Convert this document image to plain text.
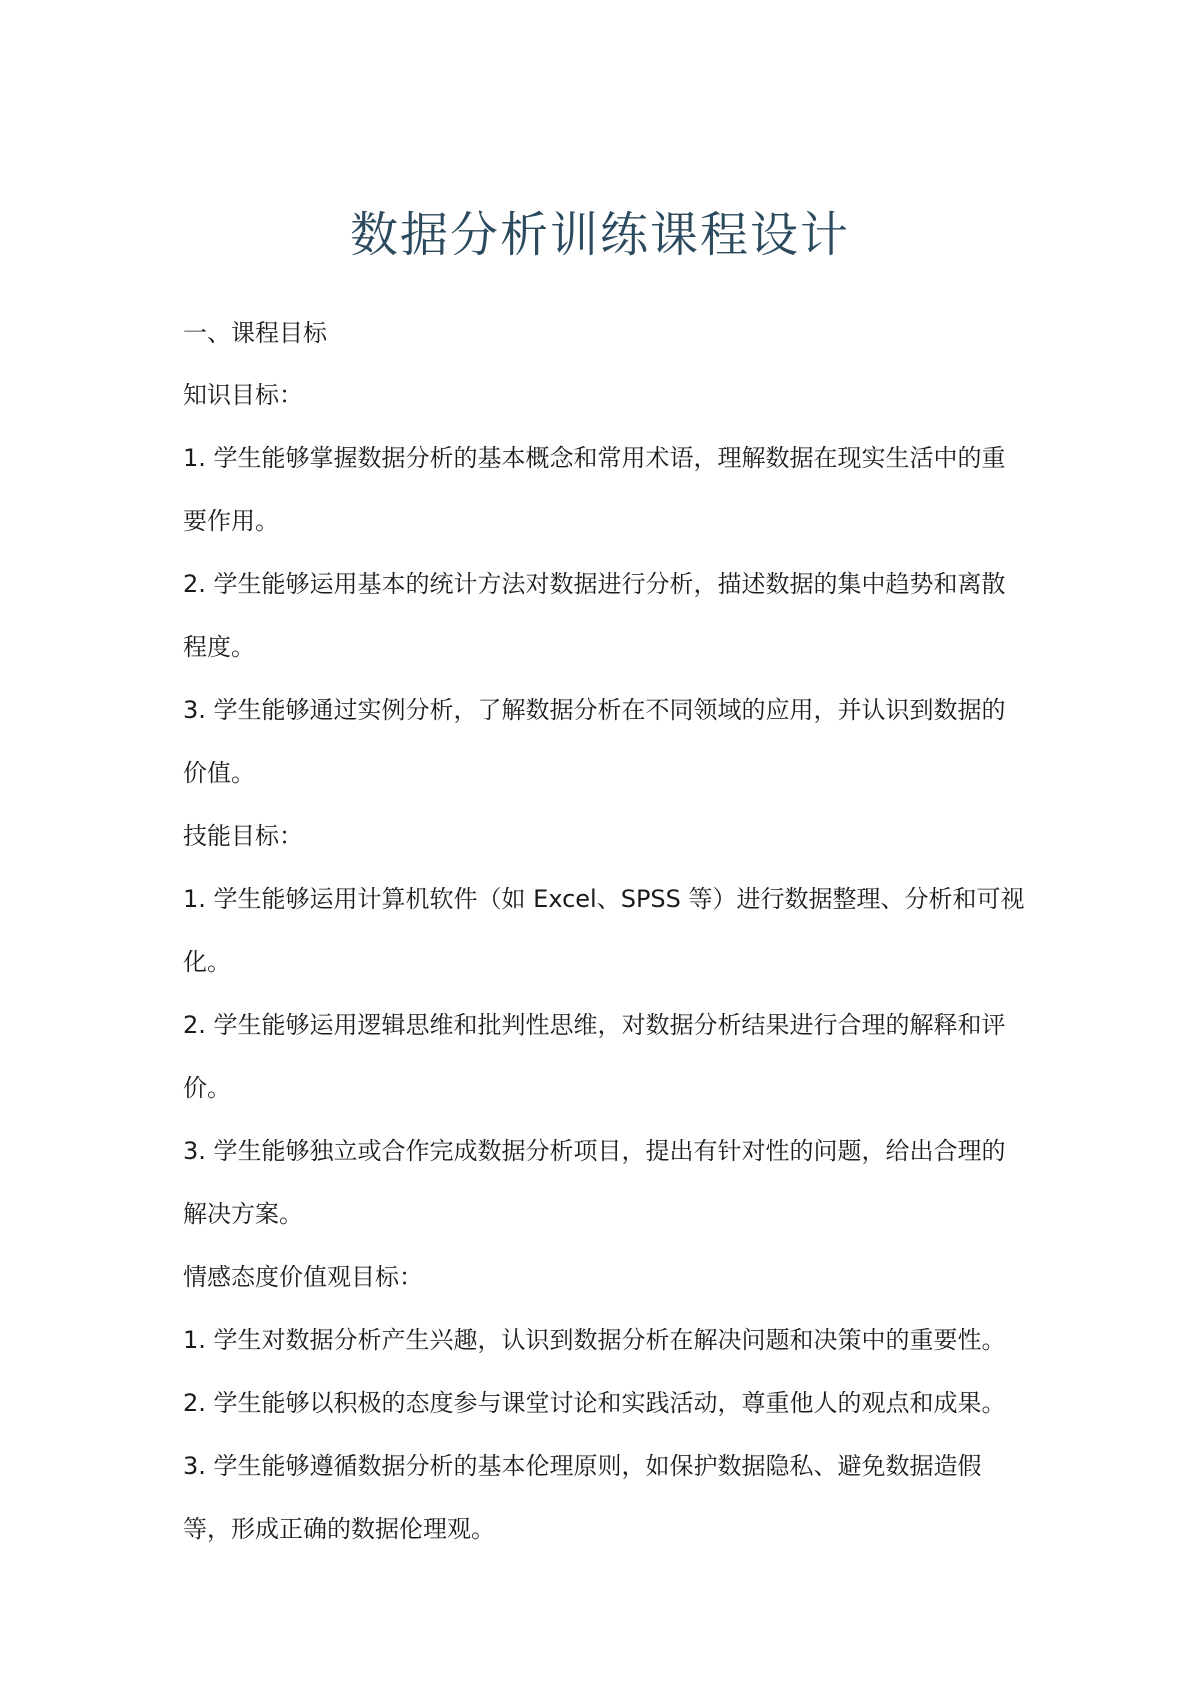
数据分析训练课程设计
一、课程目标
知识目标：
1. 学生能够掌握数据分析的基本概念和常用术语，理解数据在现实生活中的重
要作用。
2. 学生能够运用基本的统计方法对数据进行分析，描述数据的集中趋势和离散
程度。
3. 学生能够通过实例分析，了解数据分析在不同领域的应用，并认识到数据的
价值。
技能目标：
1. 学生能够运用计算机软件（如 Excel、SPSS 等）进行数据整理、分析和可视
化。
2. 学生能够运用逻辑思维和批判性思维，对数据分析结果进行合理的解释和评
价。
3. 学生能够独立或合作完成数据分析项目，提出有针对性的问题，给出合理的
解决方案。
情感态度价值观目标：
1. 学生对数据分析产生兴趣，认识到数据分析在解决问题和决策中的重要性。
2. 学生能够以积极的态度参与课堂讨论和实践活动，尊重他人的观点和成果。
3. 学生能够遵循数据分析的基本伦理原则，如保护数据隐私、避免数据造假
等，形成正确的数据伦理观。
